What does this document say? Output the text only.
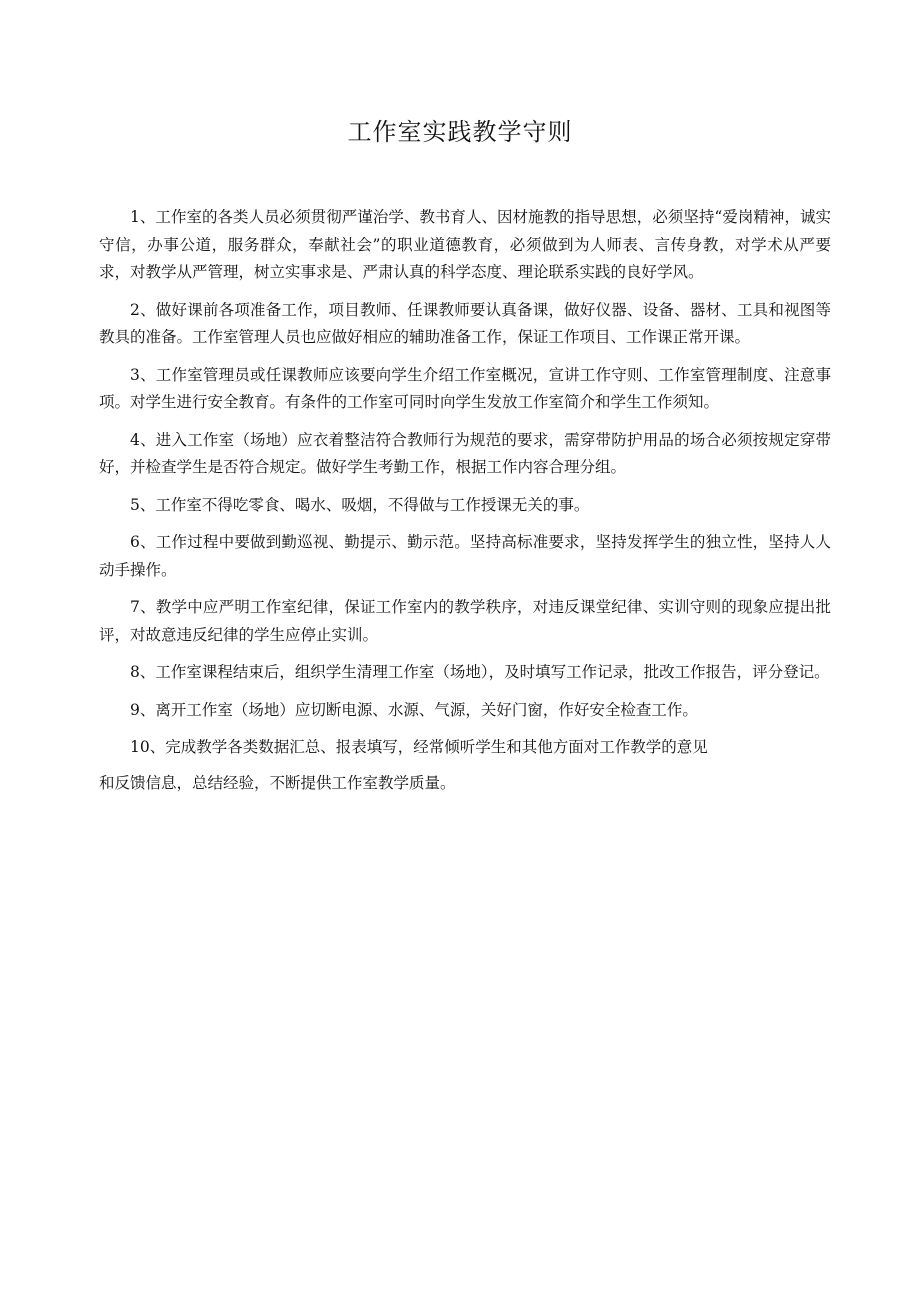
工作室实践教学守则

1、工作室的各类人员必须贯彻严谨治学、教书育人、因材施教的指导思想，必须坚持“爱岗精神，诚实守信，办事公道，服务群众，奉献社会”的职业道德教育，必须做到为人师表、言传身教，对学术从严要求，对教学从严管理，树立实事求是、严肃认真的科学态度、理论联系实践的良好学风。

2、做好课前各项准备工作，项目教师、任课教师要认真备课，做好仪器、设备、器材、工具和视图等教具的准备。工作室管理人员也应做好相应的辅助准备工作，保证工作项目、工作课正常开课。

3、工作室管理员或任课教师应该要向学生介绍工作室概况，宣讲工作守则、工作室管理制度、注意事项。对学生进行安全教育。有条件的工作室可同时向学生发放工作室简介和学生工作须知。

4、进入工作室（场地）应衣着整洁符合教师行为规范的要求，需穿带防护用品的场合必须按规定穿带好，并检查学生是否符合规定。做好学生考勤工作，根据工作内容合理分组。

5、工作室不得吃零食、喝水、吸烟，不得做与工作授课无关的事。

6、工作过程中要做到勤巡视、勤提示、勤示范。坚持高标准要求，坚持发挥学生的独立性，坚持人人动手操作。

7、教学中应严明工作室纪律，保证工作室内的教学秩序，对违反课堂纪律、实训守则的现象应提出批评，对故意违反纪律的学生应停止实训。

8、工作室课程结束后，组织学生清理工作室（场地），及时填写工作记录，批改工作报告，评分登记。

9、离开工作室（场地）应切断电源、水源、气源，关好门窗，作好安全检查工作。

10、完成教学各类数据汇总、报表填写，经常倾听学生和其他方面对工作教学的意见
和反馈信息，总结经验，不断提供工作室教学质量。
